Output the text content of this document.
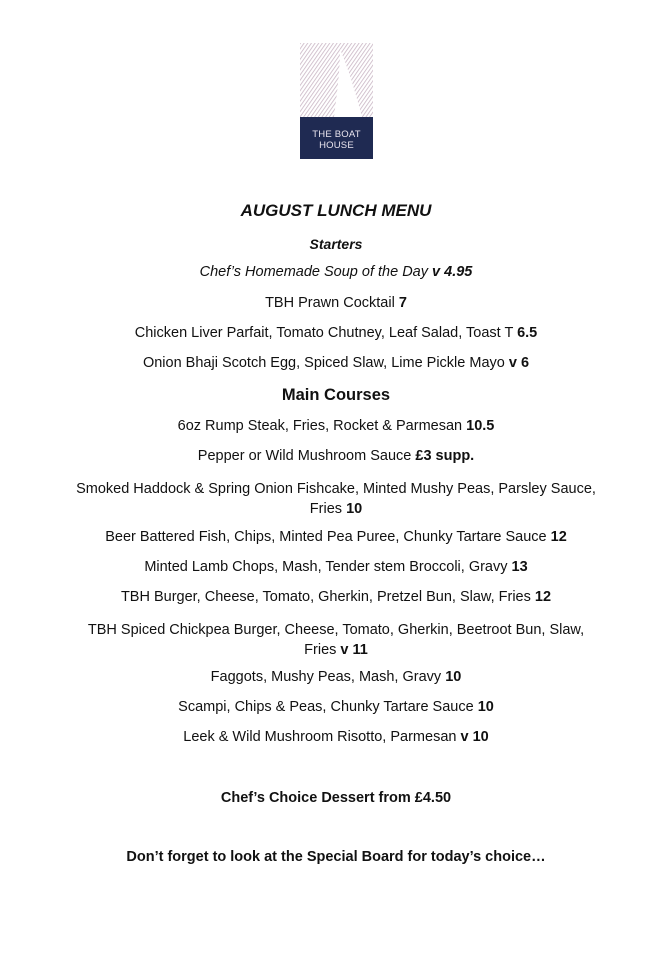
THE BOAT
HOUSE
AUGUST LUNCH MENU
Starters
Chef’s Homemade Soup of the Day v 4.95
TBH Prawn Cocktail 7
Chicken Liver Parfait, Tomato Chutney, Leaf Salad, Toast T 6.5
Onion Bhaji Scotch Egg, Spiced Slaw, Lime Pickle Mayo v 6
Main Courses
6oz Rump Steak, Fries, Rocket & Parmesan 10.5
Pepper or Wild Mushroom Sauce £3 supp.
Smoked Haddock & Spring Onion Fishcake, Minted Mushy Peas, Parsley Sauce,
Fries 10
Beer Battered Fish, Chips, Minted Pea Puree, Chunky Tartare Sauce 12
Minted Lamb Chops, Mash, Tender stem Broccoli, Gravy 13
TBH Burger, Cheese, Tomato, Gherkin, Pretzel Bun, Slaw, Fries 12
TBH Spiced Chickpea Burger, Cheese, Tomato, Gherkin, Beetroot Bun, Slaw,
Fries v 11
Faggots, Mushy Peas, Mash, Gravy 10
Scampi, Chips & Peas, Chunky Tartare Sauce 10
Leek & Wild Mushroom Risotto, Parmesan v 10
Chef’s Choice Dessert from £4.50
Don’t forget to look at the Special Board for today’s choice…
